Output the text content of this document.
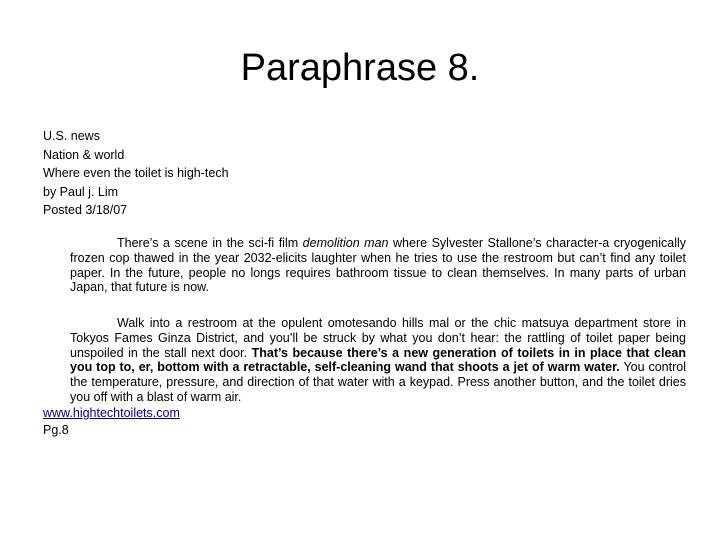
Paraphrase 8.
U.S. news
Nation & world
Where even the toilet is high-tech
by Paul j. Lim
Posted 3/18/07
There’s a scene in the sci-fi film demolition man where Sylvester Stallone’s character-a cryogenically frozen cop thawed in the year 2032-elicits laughter when he tries to use the restroom but can’t find any toilet paper. In the future, people no longs requires bathroom tissue to clean themselves. In many parts of urban Japan, that future is now.
Walk into a restroom at the opulent omotesando hills mal or the chic matsuya department store in Tokyos Fames Ginza District, and you’ll be struck by what you don’t hear: the rattling of toilet paper being unspoiled in the stall next door. That’s because there’s a new generation of toilets in in place that clean you top to, er, bottom with a retractable, self-cleaning wand that shoots a jet of warm water. You control the temperature, pressure, and direction of that water with a keypad. Press another button, and the toilet dries you off with a blast of warm air.
www.hightechtoilets.com
Pg.8
